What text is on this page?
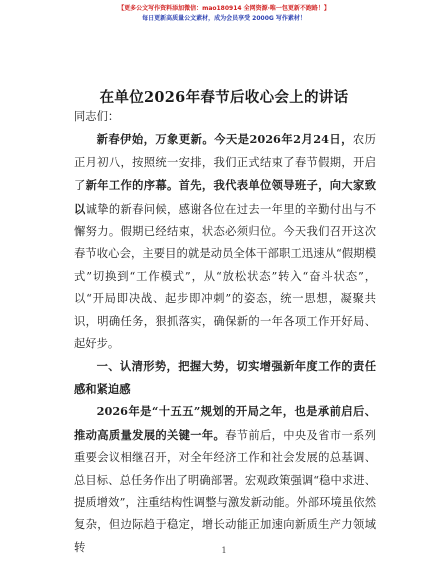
【更多公文写作资料添加微信：mao180914 全网资源·唯一包更新不跑路！】
每日更新高质量公文素材，成为会员享受 2000G 写作素材！
在单位2026年春节后收心会上的讲话

同志们：

新春伊始，万象更新。今天是2026年2月24日，农历正月初八，按照统一安排，我们正式结束了春节假期，开启了新年工作的序幕。首先，我代表单位领导班子，向大家致以诚挚的新春问候，感谢各位在过去一年里的辛勤付出与不懈努力。假期已经结束，状态必须归位。今天我们召开这次春节收心会，主要目的就是动员全体干部职工迅速从“假期模式”切换到“工作模式”，从“放松状态”转入“奋斗状态”，以“开局即决战、起步即冲刺”的姿态，统一思想，凝聚共识，明确任务，狠抓落实，确保新的一年各项工作开好局、起好步。

一、认清形势，把握大势，切实增强新年度工作的责任感和紧迫感

2026年是“十五五”规划的开局之年，也是承前启后、推动高质量发展的关键一年。春节前后，中央及省市一系列重要会议相继召开，对全年经济工作和社会发展的总基调、总目标、总任务作出了明确部署。宏观政策强调“稳中求进、提质增效”，注重结构性调整与激发新动能。外部环境虽依然复杂，但边际趋于稳定，增长动能正加速向新质生产力领域转	1
